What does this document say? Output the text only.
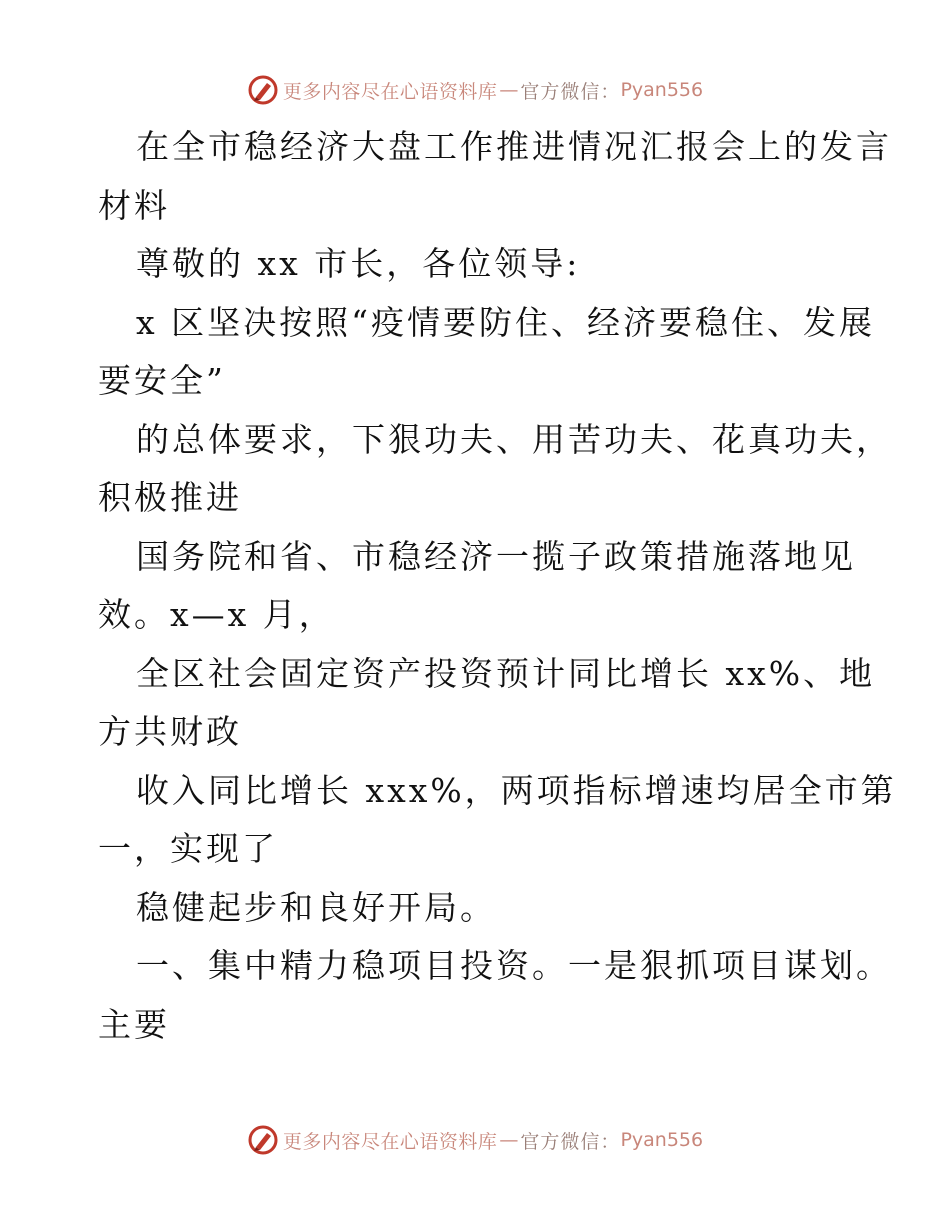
更多内容尽在心语资料库 — 官方微信： Pyan556
在全市稳经济大盘工作推进情况汇报会上的发言
材料
尊敬的 xx 市长，各位领导:
x 区坚决按照“疫情要防住、经济要稳住、发展
要安全”
的总体要求，下狠功夫、用苦功夫、花真功夫，
积极推进
国务院和省、市稳经济一揽子政策措施落地见
效。x—x 月，
全区社会固定资产投资预计同比增长 xx%、地
方共财政
收入同比增长 xxx%，两项指标增速均居全市第
一，实现了
稳健起步和良好开局。
一、集中精力稳项目投资。一是狠抓项目谋划。
主要
更多内容尽在心语资料库 — 官方微信： Pyan556
